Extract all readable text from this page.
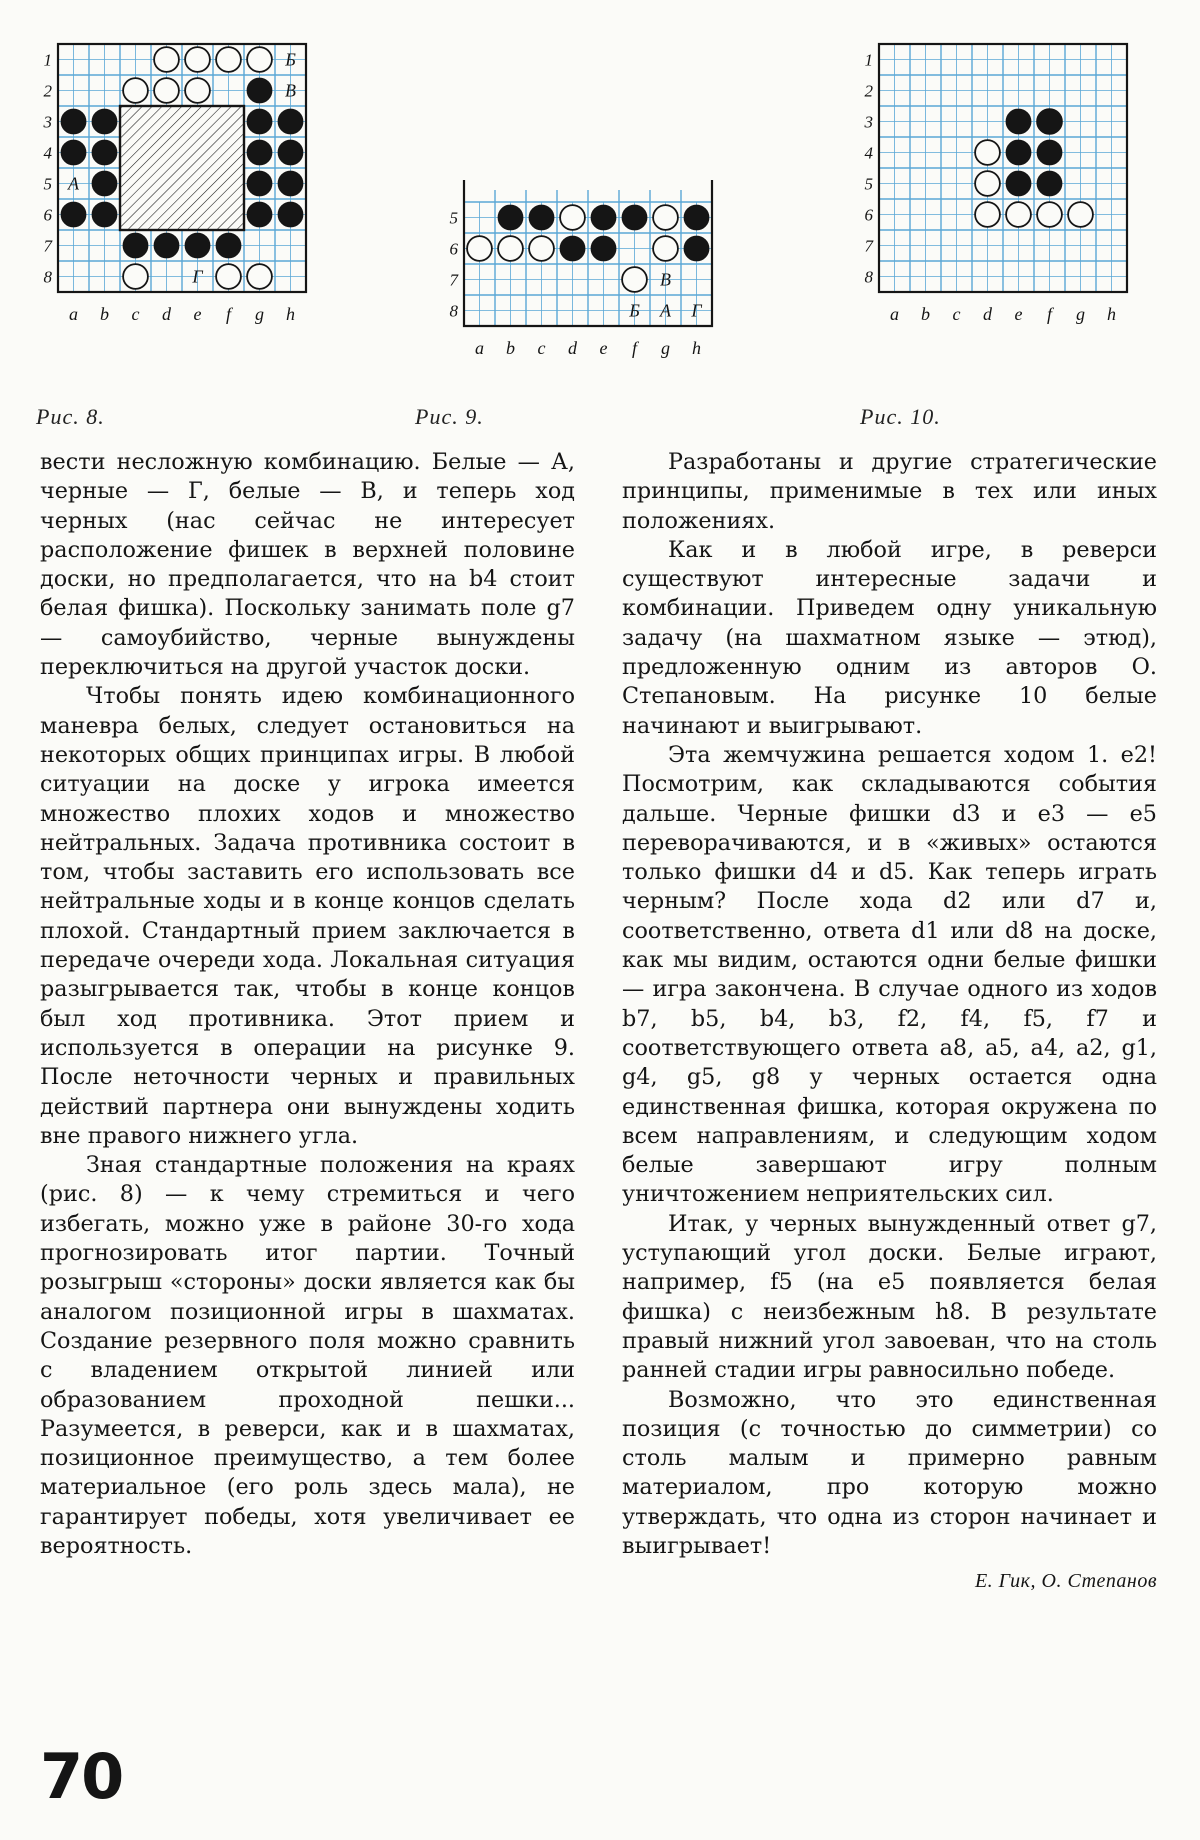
Б
В
А
Г
1
2
3
4
5
6
7
8
a b c d e f g h
Рис. 8.
В
Б А Г
5
6
7
8
a b c d e f g h
Рис. 9.
1
2
3
4
5
6
7
8
a b c d e f g h
Рис. 10.

вести несложную комбинацию. Белые — А, черные — Г, белые — В, и теперь ход черных (нас сейчас не интересует расположение фишек в верхней половине доски, но предполагается, что на b4 стоит белая фишка). Поскольку занимать поле g7 — самоубийство, черные вынуждены переключиться на другой участок доски.

Чтобы понять идею комбинационного маневра белых, следует остановиться на некоторых общих принципах игры. В любой ситуации на доске у игрока имеется множество плохих ходов и множество нейтральных. Задача противника состоит в том, чтобы заставить его использовать все нейтральные ходы и в конце концов сделать плохой. Стандартный прием заключается в передаче очереди хода. Локальная ситуация разыгрывается так, чтобы в конце концов был ход противника. Этот прием и используется в операции на рисунке 9. После неточности черных и правильных действий партнера они вынуждены ходить вне правого нижнего угла.

Зная стандартные положения на краях (рис. 8) — к чему стремиться и чего избегать, можно уже в районе 30-го хода прогнозировать итог партии. Точный розыгрыш «стороны» доски является как бы аналогом позиционной игры в шахматах. Создание резервного поля можно сравнить с владением открытой линией или образованием проходной пешки... Разумеется, в реверси, как и в шахматах, позиционное преимущество, а тем более материальное (его роль здесь мала), не гарантирует победы, хотя увеличивает ее вероятность.

Разработаны и другие стратегические принципы, применимые в тех или иных положениях.

Как и в любой игре, в реверси существуют интересные задачи и комбинации. Приведем одну уникальную задачу (на шахматном языке — этюд), предложенную одним из авторов О. Степановым. На рисунке 10 белые начинают и выигрывают.

Эта жемчужина решается ходом 1. e2! Посмотрим, как складываются события дальше. Черные фишки d3 и e3 — e5 переворачиваются, и в «живых» остаются только фишки d4 и d5. Как теперь играть черным? После хода d2 или d7 и, соответственно, ответа d1 или d8 на доске, как мы видим, остаются одни белые фишки — игра закончена. В случае одного из ходов b7, b5, b4, b3, f2, f4, f5, f7 и соответствующего ответа a8, a5, a4, a2, g1, g4, g5, g8 у черных остается одна единственная фишка, которая окружена по всем направлениям, и следующим ходом белые завершают игру полным уничтожением неприятельских сил.

Итак, у черных вынужденный ответ g7, уступающий угол доски. Белые играют, например, f5 (на e5 появляется белая фишка) с неизбежным h8. В результате правый нижний угол завоеван, что на столь ранней стадии игры равносильно победе.

Возможно, что это единственная позиция (с точностью до симметрии) со столь малым и примерно равным материалом, про которую можно утверждать, что одна из сторон начинает и выигрывает!

Е. Гик, О. Степанов
70
